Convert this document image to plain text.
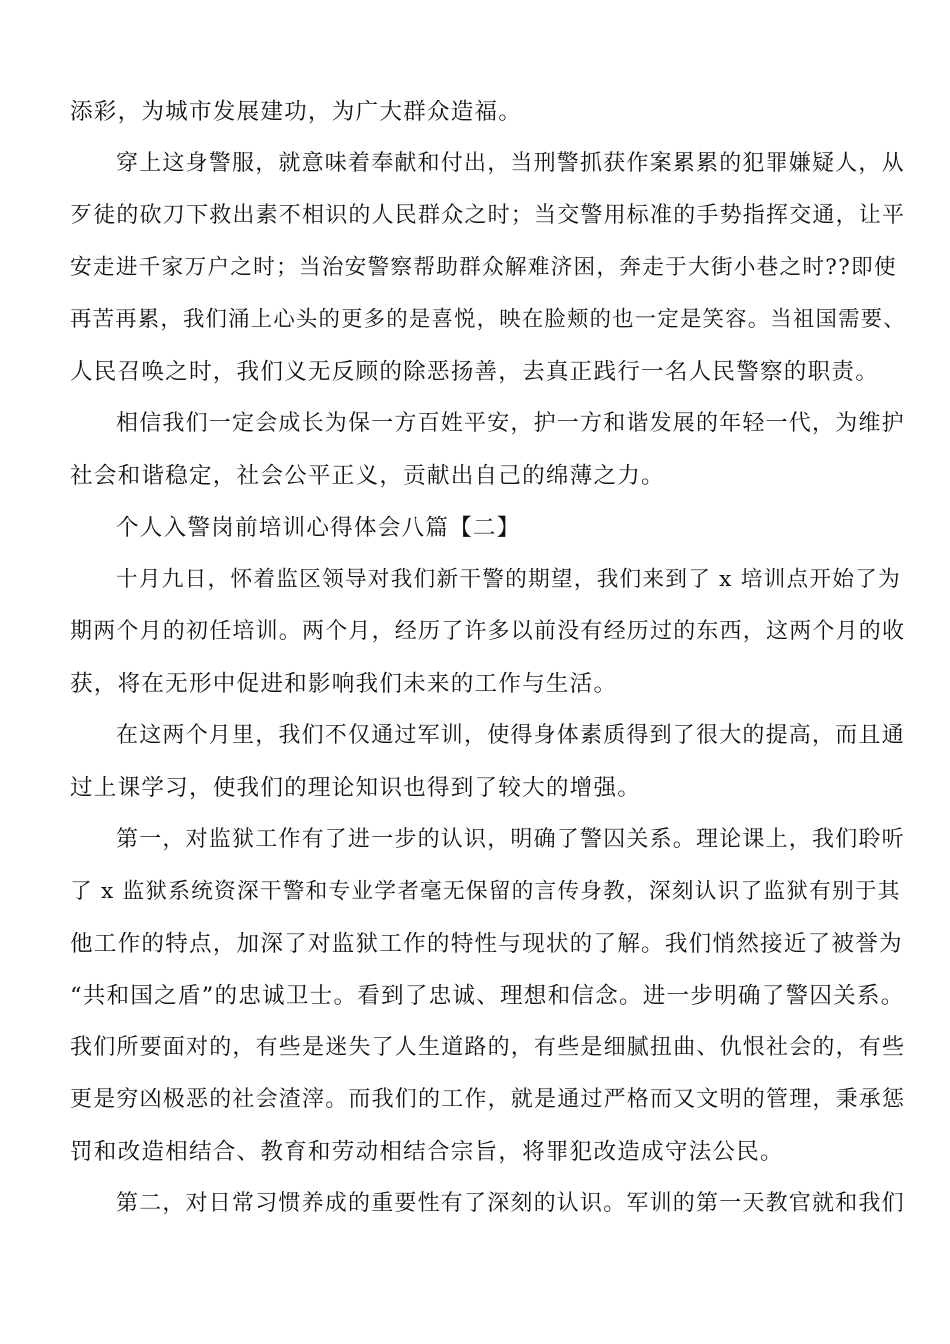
添彩，为城市发展建功，为广大群众造福。
穿上这身警服，就意味着奉献和付出，当刑警抓获作案累累的犯罪嫌疑人，从
歹徒的砍刀下救出素不相识的人民群众之时；当交警用标准的手势指挥交通，让平
安走进千家万户之时；当治安警察帮助群众解难济困，奔走于大街小巷之时??即使
再苦再累，我们涌上心头的更多的是喜悦，映在脸颊的也一定是笑容。当祖国需要、
人民召唤之时，我们义无反顾的除恶扬善，去真正践行一名人民警察的职责。
相信我们一定会成长为保一方百姓平安，护一方和谐发展的年轻一代，为维护
社会和谐稳定，社会公平正义，贡献出自己的绵薄之力。
个人入警岗前培训心得体会八篇【二】
十月九日，怀着监区领导对我们新干警的期望，我们来到了 x 培训点开始了为
期两个月的初任培训。两个月，经历了许多以前没有经历过的东西，这两个月的收
获，将在无形中促进和影响我们未来的工作与生活。
在这两个月里，我们不仅通过军训，使得身体素质得到了很大的提高，而且通
过上课学习，使我们的理论知识也得到了较大的增强。
第一，对监狱工作有了进一步的认识，明确了警囚关系。理论课上，我们聆听
了 x 监狱系统资深干警和专业学者毫无保留的言传身教，深刻认识了监狱有别于其
他工作的特点，加深了对监狱工作的特性与现状的了解。我们悄然接近了被誉为
“共和国之盾”的忠诚卫士。看到了忠诚、理想和信念。进一步明确了警囚关系。
我们所要面对的，有些是迷失了人生道路的，有些是细腻扭曲、仇恨社会的，有些
更是穷凶极恶的社会渣滓。而我们的工作，就是通过严格而又文明的管理，秉承惩
罚和改造相结合、教育和劳动相结合宗旨，将罪犯改造成守法公民。
第二，对日常习惯养成的重要性有了深刻的认识。军训的第一天教官就和我们
